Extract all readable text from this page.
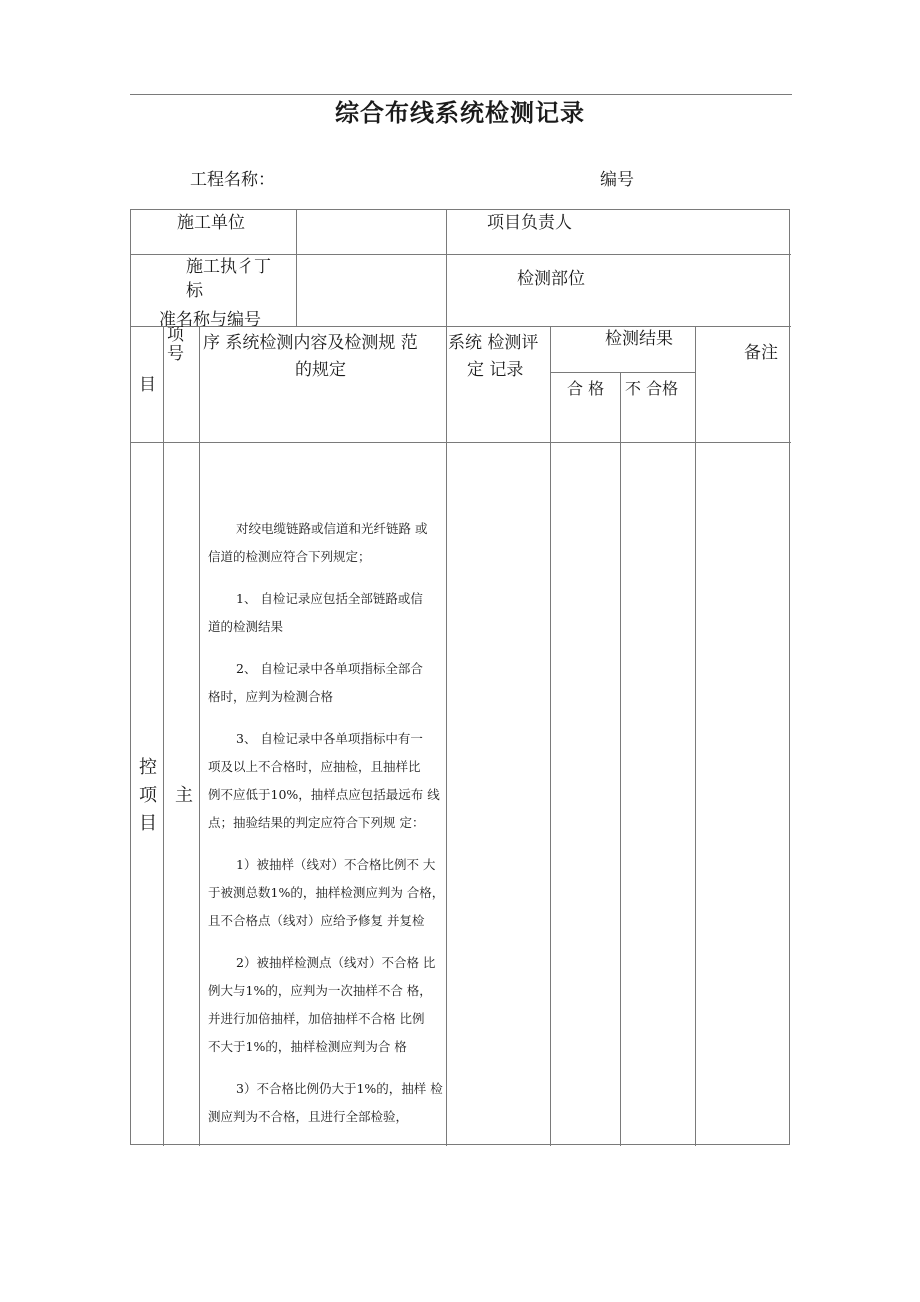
综合布线系统检测记录
工程名称：	编号
施工单位	项目负责人
施工执彳丁
标
准名称与编号
检测部位
项
号
目
序 系统检测内容及检测规 范
的规定
系统 检测评
定 记录
检测结果
合 格 不 合格
备注
控
项
目
主

对绞电缆链路或信道和光纤链路 或

信道的检测应符合下列规定；

1、 自检记录应包括全部链路或信

道的检测结果

2、 自检记录中各单项指标全部合

格时，应判为检测合格

3、 自检记录中各单项指标中有一

项及以上不合格时，应抽检，且抽样比

例不应低于10%，抽样点应包括最远布 线

点；抽验结果的判定应符合下列规 定：

1）被抽样（线对）不合格比例不 大

于被测总数1%的，抽样检测应判为 合格，

且不合格点（线对）应给予修复 并复检

2）被抽样检测点（线对）不合格 比

例大与1%的，应判为一次抽样不合 格，

并进行加倍抽样，加倍抽样不合格 比例

不大于1%的，抽样检测应判为合 格

3）不合格比例仍大于1%的，抽样 检

测应判为不合格，且进行全部检验，
